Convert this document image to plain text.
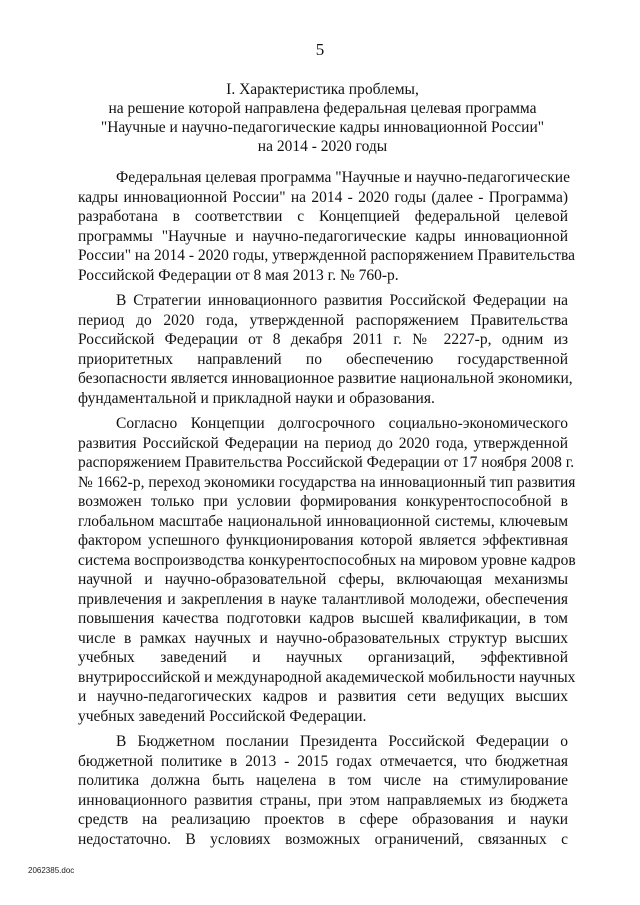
5
I. Характеристика проблемы,
на решение которой направлена федеральная целевая программа
"Научные и научно-педагогические кадры инновационной России"
на 2014 - 2020 годы

Федеральная целевая программа "Научные и научно-педагогические
кадры инновационной России" на 2014 - 2020 годы (далее - Программа)
разработана в соответствии с Концепцией федеральной целевой
программы "Научные и научно-педагогические кадры инновационной
России" на 2014 - 2020 годы, утвержденной распоряжением Правительства
Российской Федерации от 8 мая 2013 г. № 760-р.

В Стратегии инновационного развития Российской Федерации на
период до 2020 года, утвержденной распоряжением Правительства
Российской Федерации от 8 декабря 2011 г. № 2227-р, одним из
приоритетных направлений по обеспечению государственной
безопасности является инновационное развитие национальной экономики,
фундаментальной и прикладной науки и образования.

Согласно Концепции долгосрочного социально-экономического
развития Российской Федерации на период до 2020 года, утвержденной
распоряжением Правительства Российской Федерации от 17 ноября 2008 г.
№ 1662-р, переход экономики государства на инновационный тип развития
возможен только при условии формирования конкурентоспособной в
глобальном масштабе национальной инновационной системы, ключевым
фактором успешного функционирования которой является эффективная
система воспроизводства конкурентоспособных на мировом уровне кадров
научной и научно-образовательной сферы, включающая механизмы
привлечения и закрепления в науке талантливой молодежи, обеспечения
повышения качества подготовки кадров высшей квалификации, в том
числе в рамках научных и научно-образовательных структур высших
учебных заведений и научных организаций, эффективной
внутрироссийской и международной академической мобильности научных
и научно-педагогических кадров и развития сети ведущих высших
учебных заведений Российской Федерации.

В Бюджетном послании Президента Российской Федерации о
бюджетной политике в 2013 - 2015 годах отмечается, что бюджетная
политика должна быть нацелена в том числе на стимулирование
инновационного развития страны, при этом направляемых из бюджета
средств на реализацию проектов в сфере образования и науки
недостаточно. В условиях возможных ограничений, связанных с

2062385.doc
